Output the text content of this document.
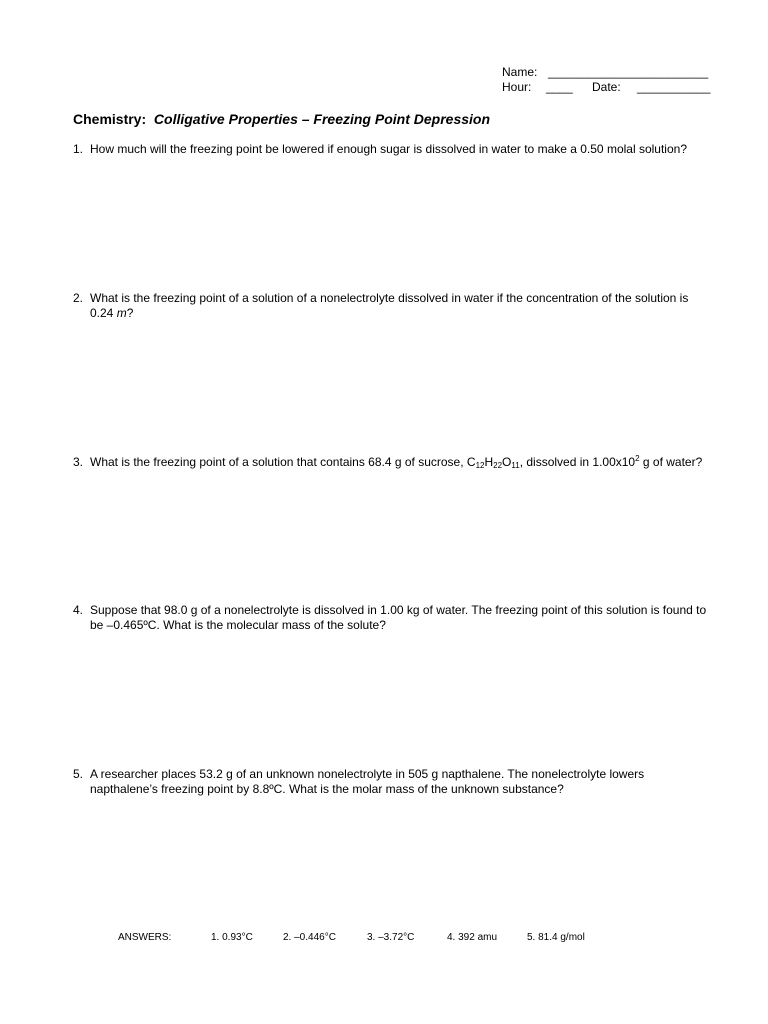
Name: ________________________
Hour: ____ Date: ___________
Chemistry: Colligative Properties – Freezing Point Depression
1. How much will the freezing point be lowered if enough sugar is dissolved in water to make a 0.50 molal solution?
2. What is the freezing point of a solution of a nonelectrolyte dissolved in water if the concentration of the solution is 0.24 m?
3. What is the freezing point of a solution that contains 68.4 g of sucrose, $C_{12}H_{22}O_{11}$, dissolved in $1.00x10^2$ g of water?
4. Suppose that 98.0 g of a nonelectrolyte is dissolved in 1.00 kg of water. The freezing point of this solution is found to be –0.465ºC. What is the molecular mass of the solute?
5. A researcher places 53.2 g of an unknown nonelectrolyte in 505 g napthalene. The nonelectrolyte lowers napthalene’s freezing point by 8.8ºC. What is the molar mass of the unknown substance?
ANSWERS:	1. 0.93°C	2. –0.446°C	3. –3.72°C	4. 392 amu	5. 81.4 g/mol
